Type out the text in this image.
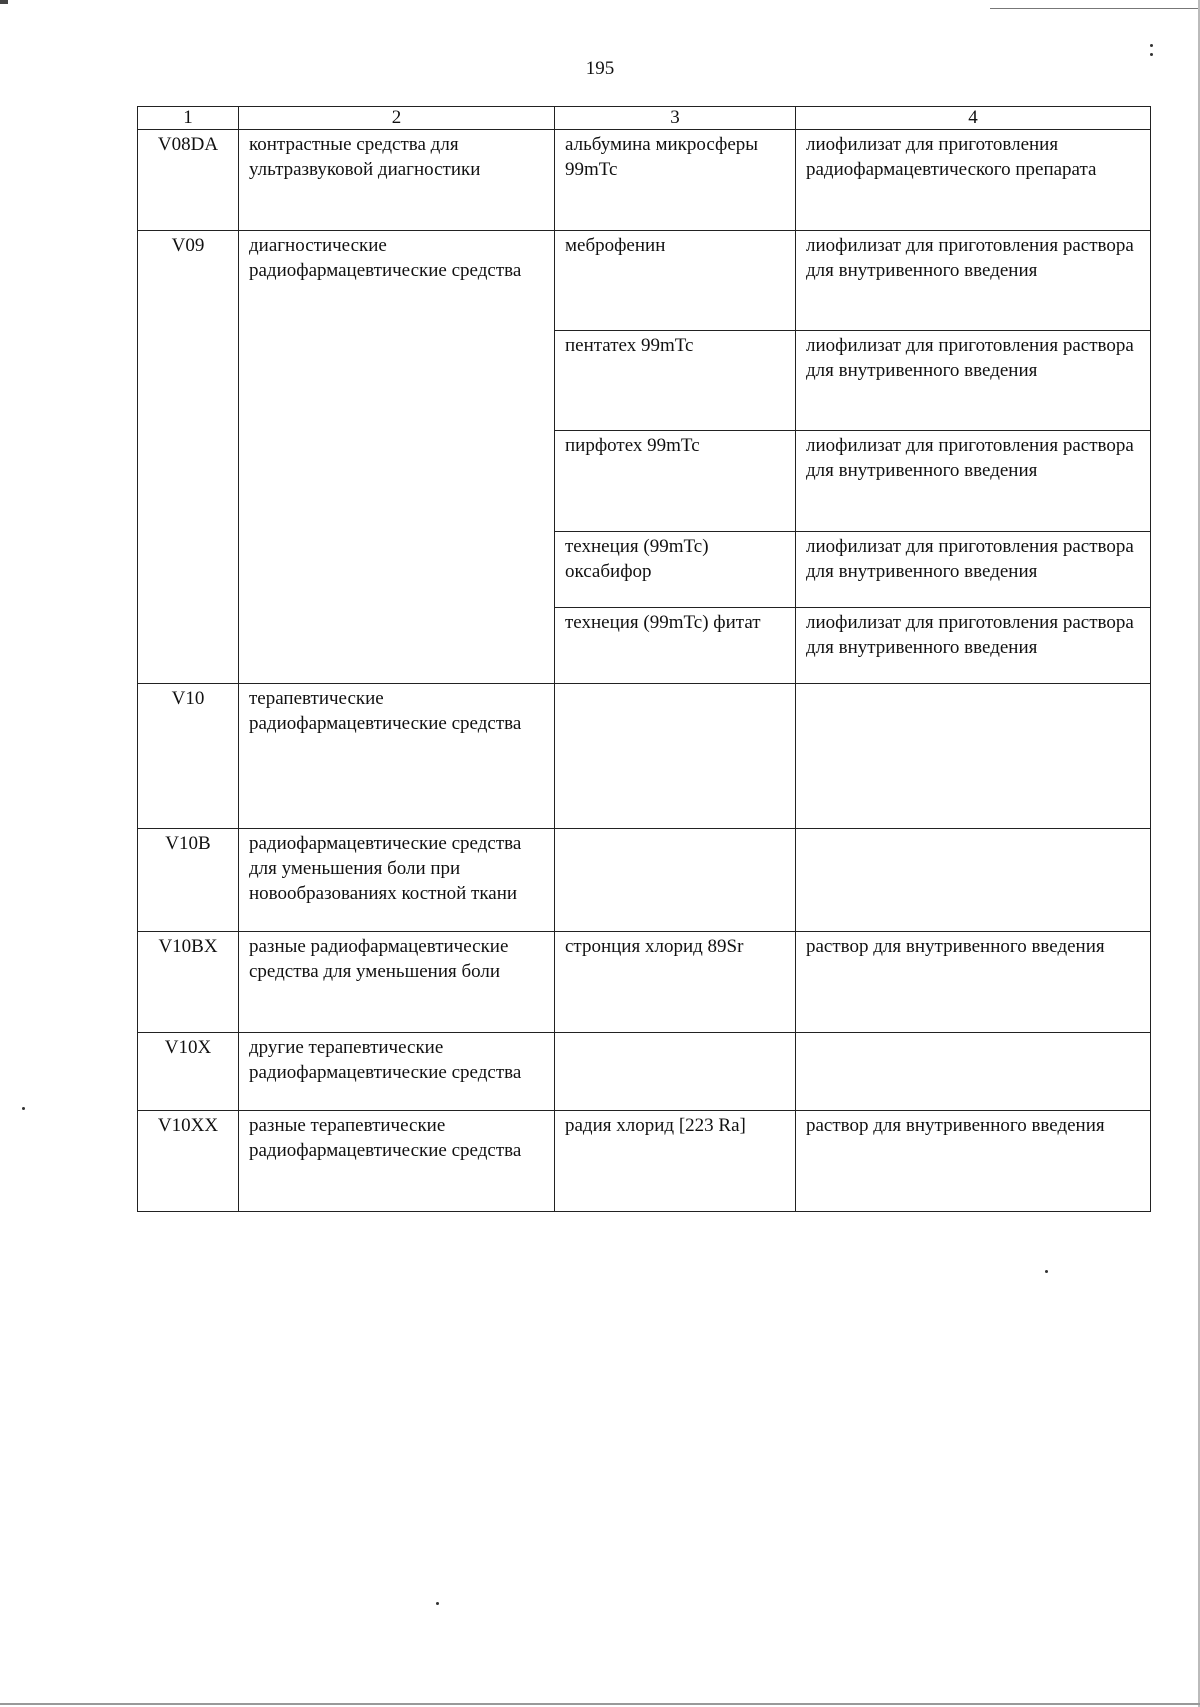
195
1	2	3	4
V08DA	контрастные средства для ультразвуковой диагностики	альбумина микросферы 99mTc	лиофилизат для приготовления радиофармацевтического препарата
V09	диагностические радиофармацевтические средства	меброфенин	лиофилизат для приготовления раствора для внутривенного введения
		пентатех 99mTc	лиофилизат для приготовления раствора для внутривенного введения
		пирфотех 99mTc	лиофилизат для приготовления раствора для внутривенного введения
		технеция (99mTc) оксабифор	лиофилизат для приготовления раствора для внутривенного введения
		технеция (99mTc) фитат	лиофилизат для приготовления раствора для внутривенного введения
V10	терапевтические радиофармацевтические средства		
V10B	радиофармацевтические средства для уменьшения боли при новообразованиях костной ткани		
V10BX	разные радиофармацевтические средства для уменьшения боли	стронция хлорид 89Sr	раствор для внутривенного введения
V10X	другие терапевтические радиофармацевтические средства		
V10XX	разные терапевтические радиофармацевтические средства	радия хлорид [223 Ra]	раствор для внутривенного введения
